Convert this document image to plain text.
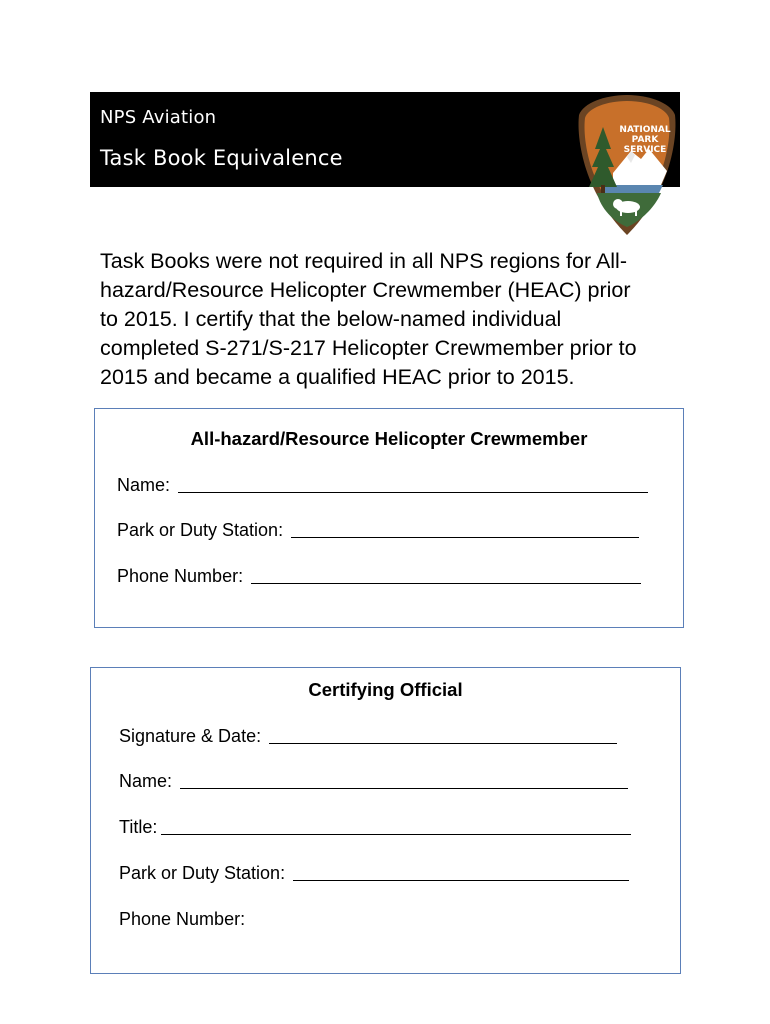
NPS Aviation
Task Book Equivalence
NATIONAL
PARK
SERVICE
Task Books were not required in all NPS regions for All-
hazard/Resource Helicopter Crewmember (HEAC) prior
to 2015. I certify that the below-named individual
completed S-271/S-217 Helicopter Crewmember prior to
2015 and became a qualified HEAC prior to 2015.
All-hazard/Resource Helicopter Crewmember
Name:
Park or Duty Station:
Phone Number:
Certifying Official
Signature & Date:
Name:
Title:
Park or Duty Station:
Phone Number:
